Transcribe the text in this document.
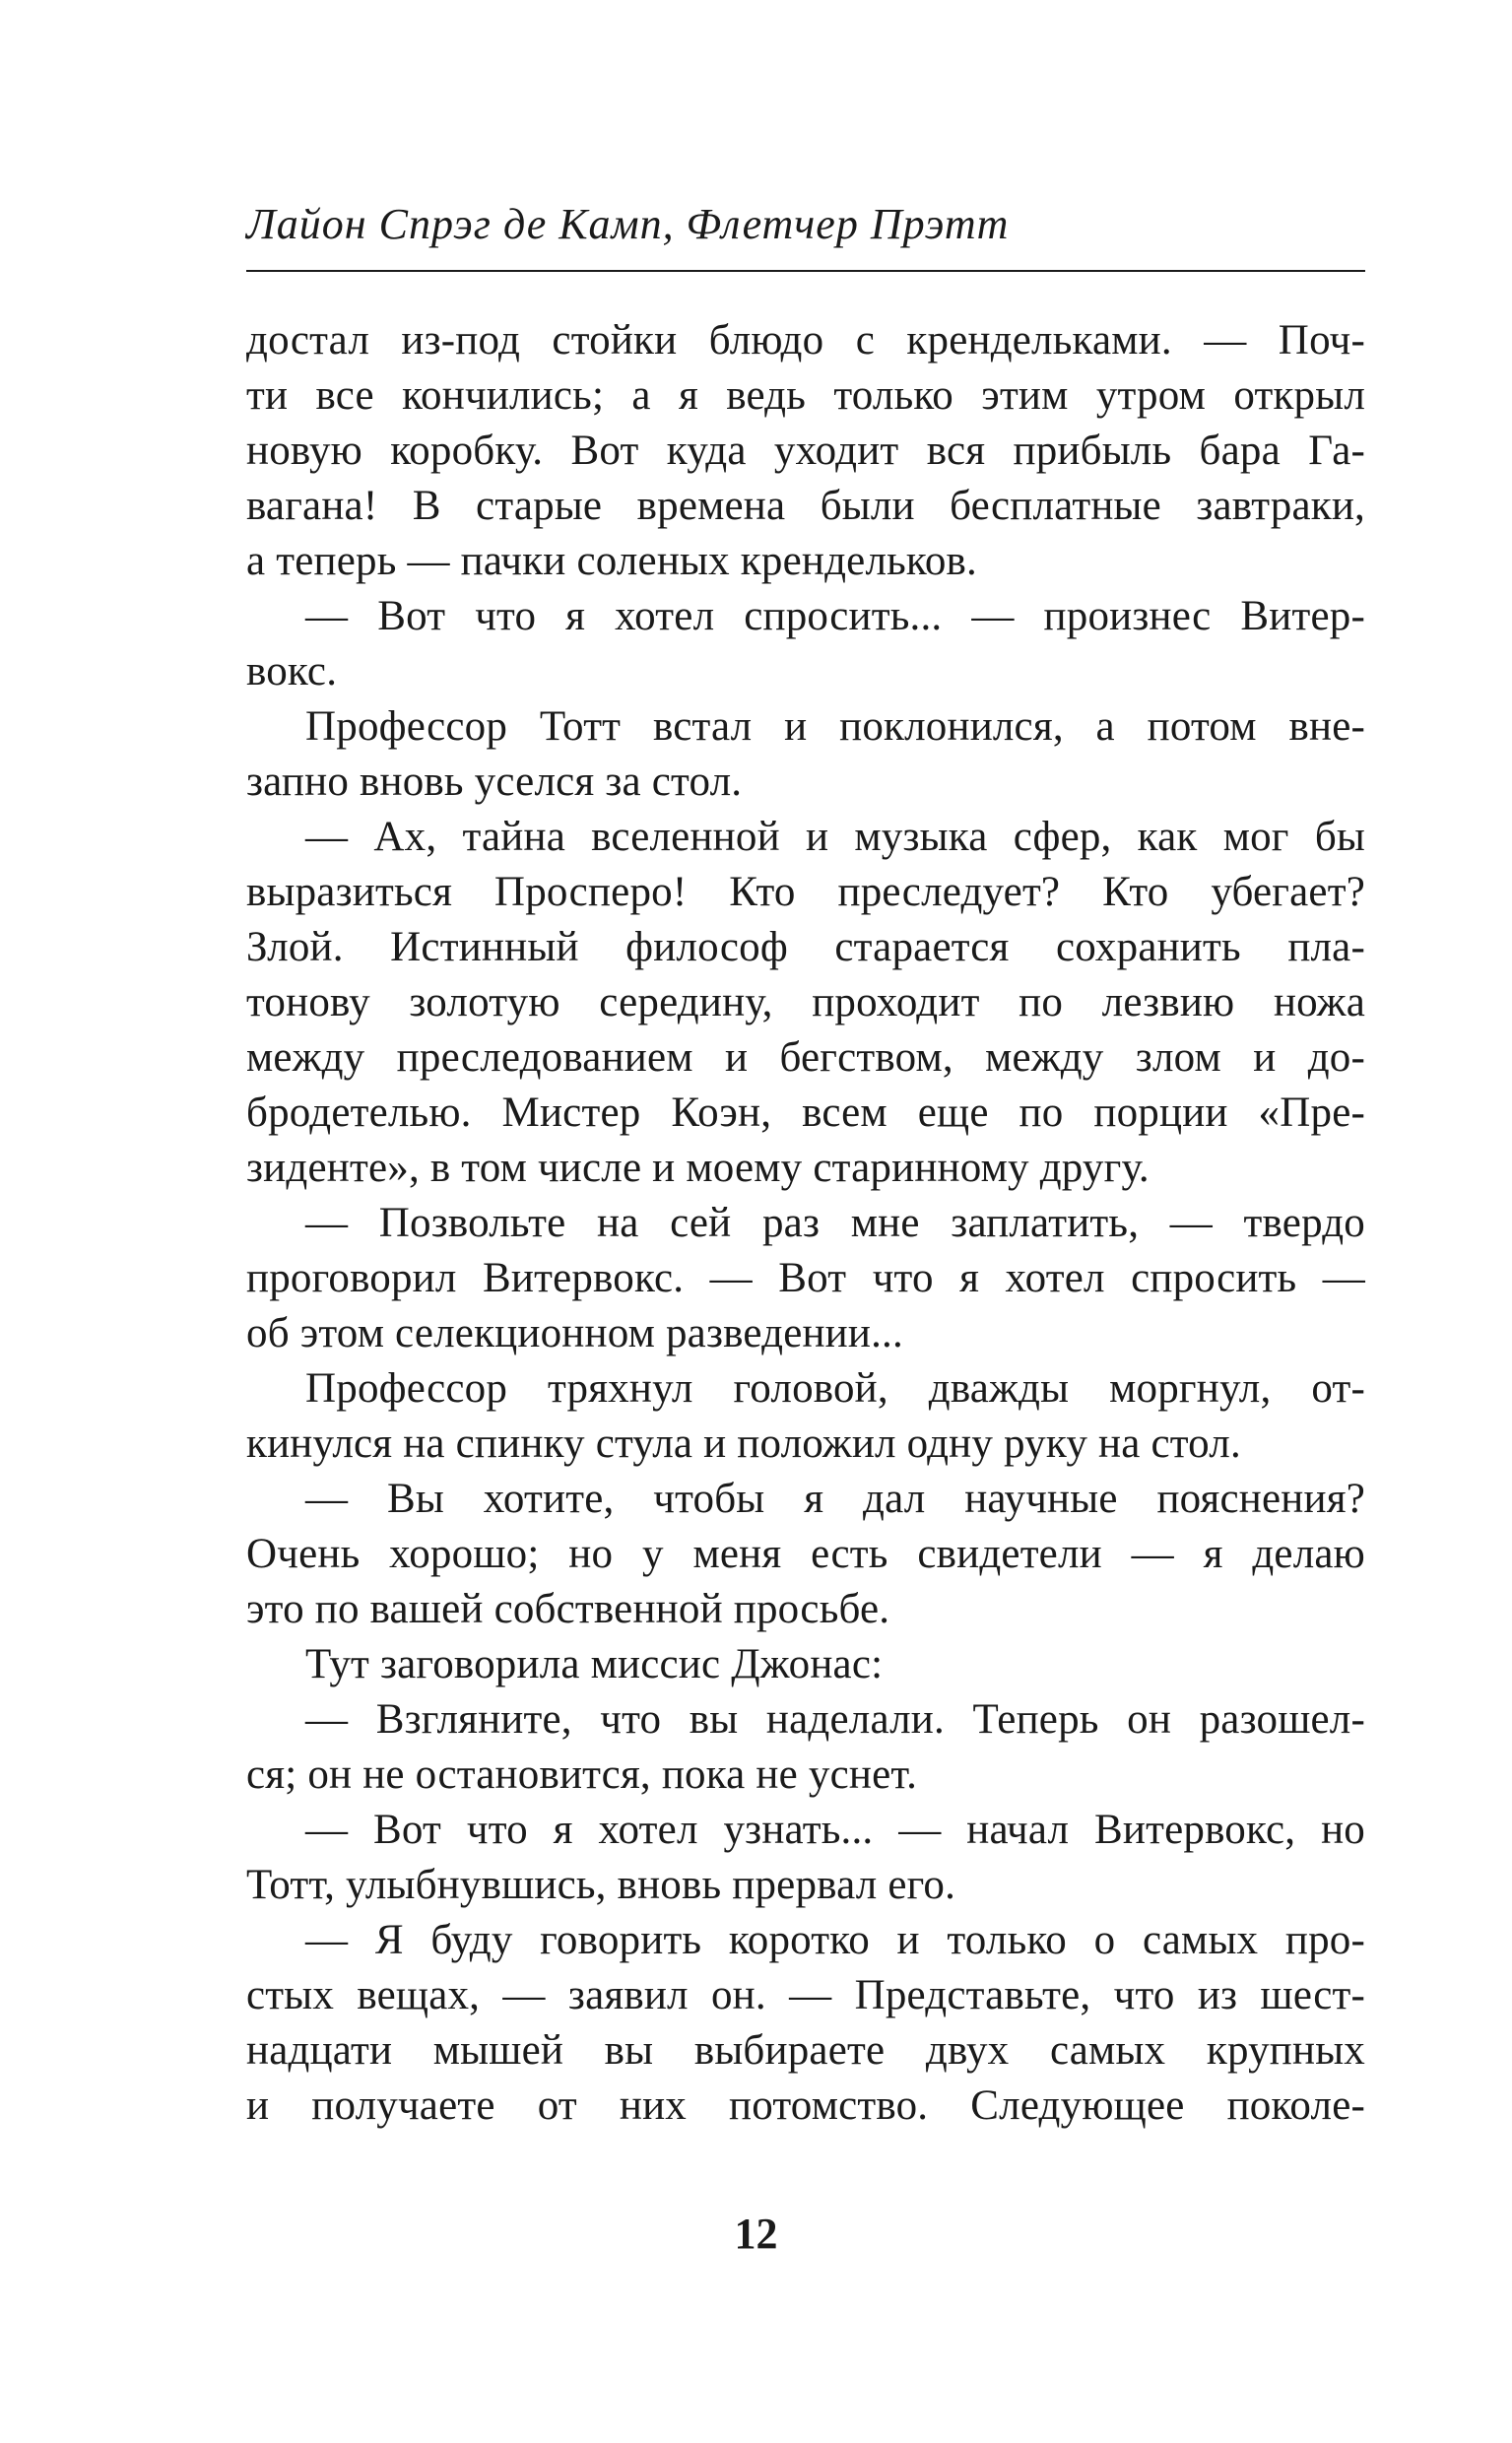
Лайон Спрэг де Камп, Флетчер Прэтт
достал из-под стойки блюдо с крендельками. — Поч-
ти все кончились; а я ведь только этим утром открыл
новую коробку. Вот куда уходит вся прибыль бара Га-
вагана! В старые времена были бесплатные завтраки,
а теперь — пачки соленых крендельков.
— Вот что я хотел спросить... — произнес Витер-
вокс.
Профессор Тотт встал и поклонился, а потом вне-
запно вновь уселся за стол.
— Ах, тайна вселенной и музыка сфер, как мог бы
выразиться Просперо! Кто преследует? Кто убегает?
Злой. Истинный философ старается сохранить пла-
тонову золотую середину, проходит по лезвию ножа
между преследованием и бегством, между злом и до-
бродетелью. Мистер Коэн, всем еще по порции «Пре-
зиденте», в том числе и моему старинному другу.
— Позвольте на сей раз мне заплатить, — твердо
проговорил Витервокс. — Вот что я хотел спросить —
об этом селекционном разведении...
Профессор тряхнул головой, дважды моргнул, от-
кинулся на спинку стула и положил одну руку на стол.
— Вы хотите, чтобы я дал научные пояснения?
Очень хорошо; но у меня есть свидетели — я делаю
это по вашей собственной просьбе.
Тут заговорила миссис Джонас:
— Взгляните, что вы наделали. Теперь он разошел-
ся; он не остановится, пока не уснет.
— Вот что я хотел узнать... — начал Витервокс, но
Тотт, улыбнувшись, вновь прервал его.
— Я буду говорить коротко и только о самых про-
стых вещах, — заявил он. — Представьте, что из шест-
надцати мышей вы выбираете двух самых крупных
и получаете от них потомство. Следующее поколе-
12
